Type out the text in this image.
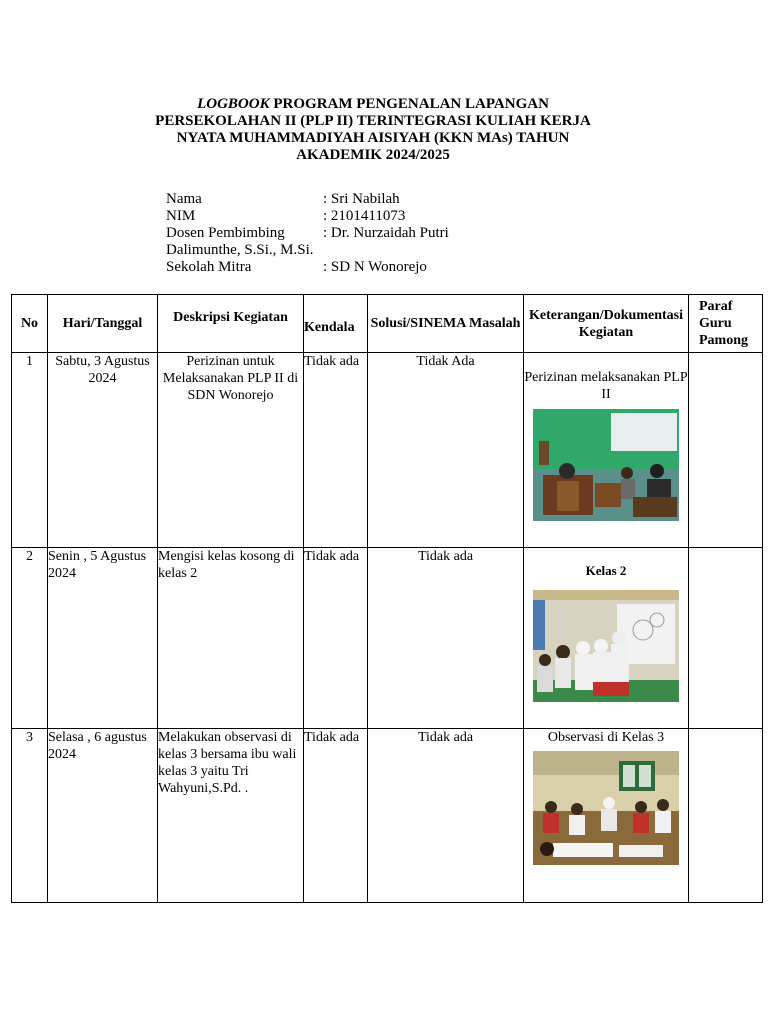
LOGBOOK PROGRAM PENGENALAN LAPANGAN PERSEKOLAHAN II (PLP II) TERINTEGRASI KULIAH KERJA NYATA MUHAMMADIYAH AISIYAH (KKN MAs) TAHUN AKADEMIK 2024/2025
Nama	: Sri Nabilah
NIM	: 2101411073
Dosen Pembimbing	: Dr. Nurzaidah Putri
Dalimunthe, S.Si., M.Si.
Sekolah Mitra	: SD N Wonorejo
No	Hari/Tanggal	Deskripsi Kegiatan	Kendala	Solusi/SINEMA Masalah	Keterangan/Dokumentasi Kegiatan	Paraf Guru Pamong
1	Sabtu, 3 Agustus 2024	Perizinan untuk Melaksanakan PLP II di SDN Wonorejo	Tidak ada	Tidak Ada	Perizinan melaksanakan PLP II	

2	Senin , 5 Agustus 2024	Mengisi kelas kosong di kelas 2	Tidak ada	Tidak ada	Kelas 2	

3	Selasa , 6 agustus 2024	Melakukan observasi di kelas 3 bersama ibu wali kelas 3 yaitu Tri Wahyuni,S.Pd. .	Tidak ada	Tidak ada	Observasi di Kelas 3	
